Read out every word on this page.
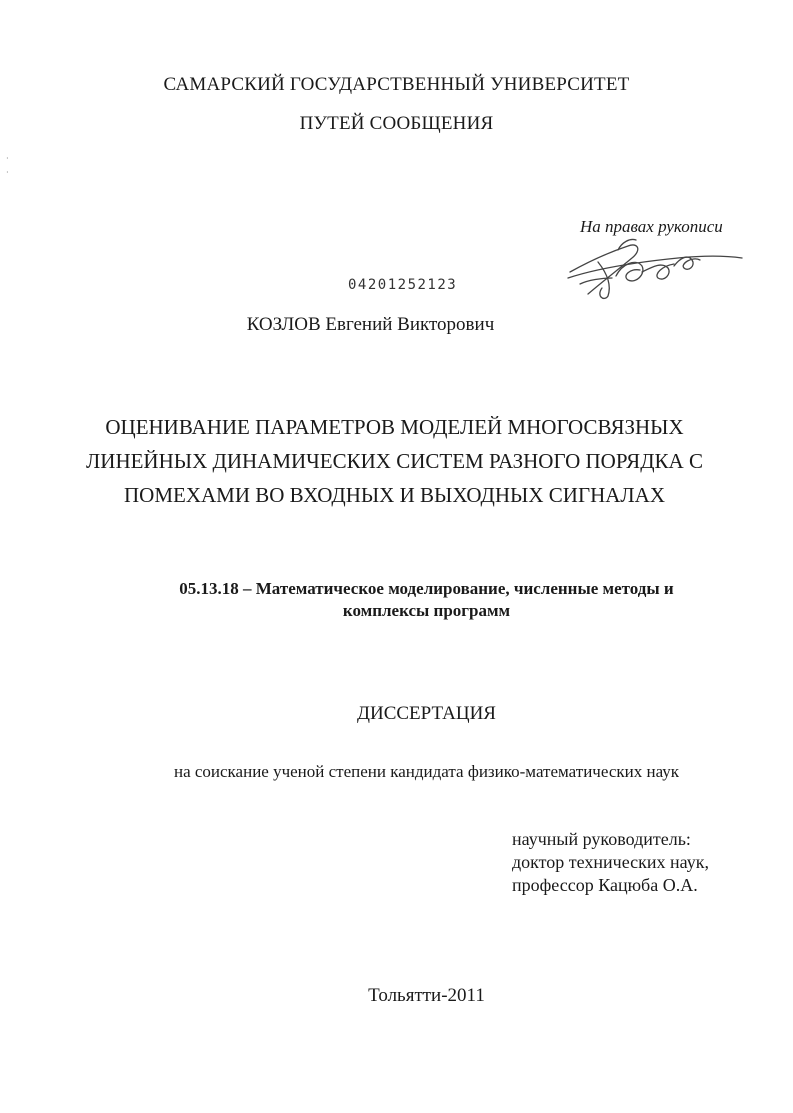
·
·
САМАРСКИЙ ГОСУДАРСТВЕННЫЙ УНИВЕРСИТЕТ
ПУТЕЙ СООБЩЕНИЯ
На правах рукописи
04201252123
КОЗЛОВ Евгений Викторович
ОЦЕНИВАНИЕ ПАРАМЕТРОВ МОДЕЛЕЙ МНОГОСВЯЗНЫХ
ЛИНЕЙНЫХ ДИНАМИЧЕСКИХ СИСТЕМ РАЗНОГО ПОРЯДКА С
ПОМЕХАМИ ВО ВХОДНЫХ И ВЫХОДНЫХ СИГНАЛАХ
05.13.18 – Математическое моделирование, численные методы и
комплексы программ
ДИССЕРТАЦИЯ
на соискание ученой степени кандидата физико-математических наук
научный руководитель:
доктор технических наук,
профессор Кацюба О.А.
Тольятти-2011
